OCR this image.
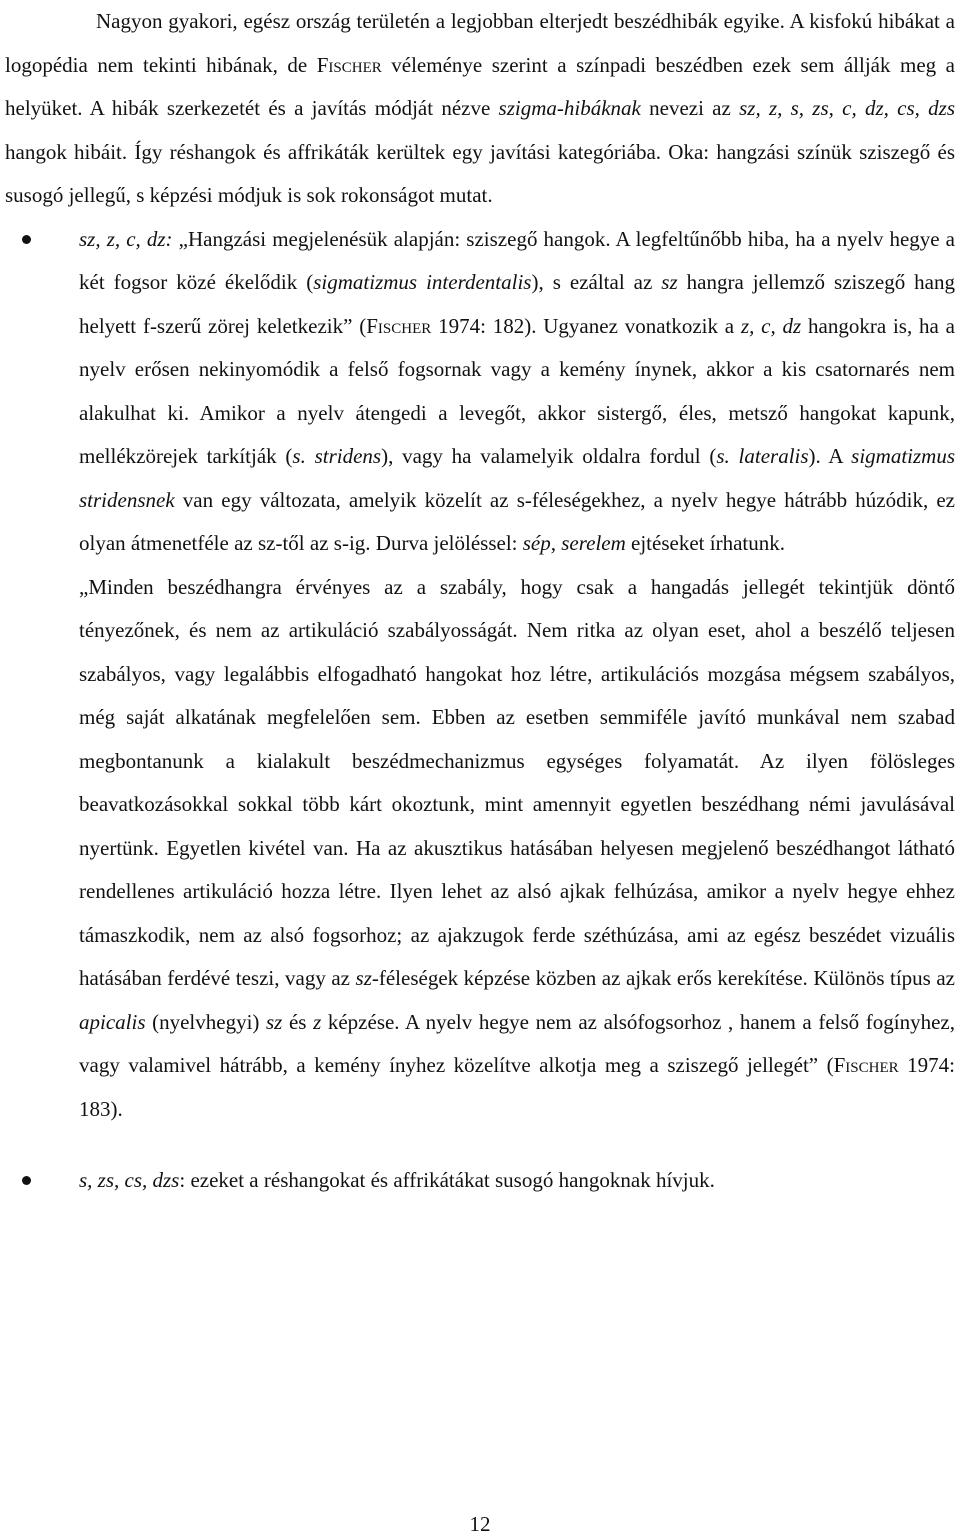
Nagyon gyakori, egész ország területén a legjobban elterjedt beszédhibák egyike. A kisfokú hibákat a logopédia nem tekinti hibának, de Fischer véleménye szerint a színpadi beszédben ezek sem állják meg a helyüket. A hibák szerkezetét és a javítás módját nézve szigma-hibáknak nevezi az sz, z, s, zs, c, dz, cs, dzs hangok hibáit. Így réshangok és affrikáták kerültek egy javítási kategóriába. Oka: hangzási színük sziszegő és susogó jellegű, s képzési módjuk is sok rokonságot mutat.

sz, z, c, dz: „Hangzási megjelenésük alapján: sziszegő hangok. A legfeltűnőbb hiba, ha a nyelv hegye a két fogsor közé ékelődik (sigmatizmus interdentalis), s ezáltal az sz hangra jellemző sziszegő hang helyett f-szerű zörej keletkezik” (Fischer 1974: 182). Ugyanez vonatkozik a z, c, dz hangokra is, ha a nyelv erősen nekinyomódik a felső fogsornak vagy a kemény ínynek, akkor a kis csatornarés nem alakulhat ki. Amikor a nyelv átengedi a levegőt, akkor sistergő, éles, metsző hangokat kapunk, mellékzörejek tarkítják (s. stridens), vagy ha valamelyik oldalra fordul (s. lateralis). A sigmatizmus stridensnek van egy változata, amelyik közelít az s-féleségekhez, a nyelv hegye hátrább húzódik, ez olyan átmenetféle az sz-től az s-ig. Durva jelöléssel: sép, serelem ejtéseket írhatunk.

„Minden beszédhangra érvényes az a szabály, hogy csak a hangadás jellegét tekintjük döntő tényezőnek, és nem az artikuláció szabályosságát. Nem ritka az olyan eset, ahol a beszélő teljesen szabályos, vagy legalábbis elfogadható hangokat hoz létre, artikulációs mozgása mégsem szabályos, még saját alkatának megfelelően sem. Ebben az esetben semmiféle javító munkával nem szabad megbontanunk a kialakult beszédmechanizmus egységes folyamatát. Az ilyen fölösleges beavatkozásokkal sokkal több kárt okoztunk, mint amennyit egyetlen beszédhang némi javulásával nyertünk. Egyetlen kivétel van. Ha az akusztikus hatásában helyesen megjelenő beszédhangot látható rendellenes artikuláció hozza létre. Ilyen lehet az alsó ajkak felhúzása, amikor a nyelv hegye ehhez támaszkodik, nem az alsó fogsorhoz; az ajakzugok ferde széthúzása, ami az egész beszédet vizuális hatásában ferdévé teszi, vagy az sz-féleségek képzése közben az ajkak erős kerekítése. Különös típus az apicalis (nyelvhegyi) sz és z képzése. A nyelv hegye nem az alsófogsorhoz , hanem a felső fogínyhez, vagy valamivel hátrább, a kemény ínyhez közelítve alkotja meg a sziszegő jellegét” (Fischer 1974: 183).

s, zs, cs, dzs: ezeket a réshangokat és affrikátákat susogó hangoknak hívjuk.

12
